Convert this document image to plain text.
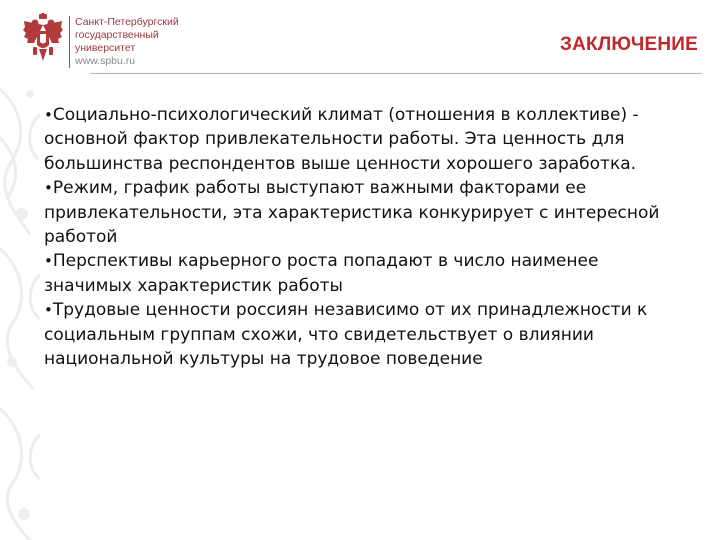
Санкт-Петербургский
государственный
университет
www.spbu.ru
ЗАКЛЮЧЕНИЕ

•Социально-психологический климат (отношения в коллективе) - основной фактор привлекательности работы. Эта ценность для большинства респондентов выше ценности хорошего заработка.

•Режим, график работы выступают важными факторами ее привлекательности, эта характеристика конкурирует с интересной работой

•Перспективы карьерного роста попадают в число наименее значимых характеристик работы

•Трудовые ценности россиян независимо от их принадлежности к социальным группам схожи, что свидетельствует о влиянии национальной культуры на трудовое поведение
